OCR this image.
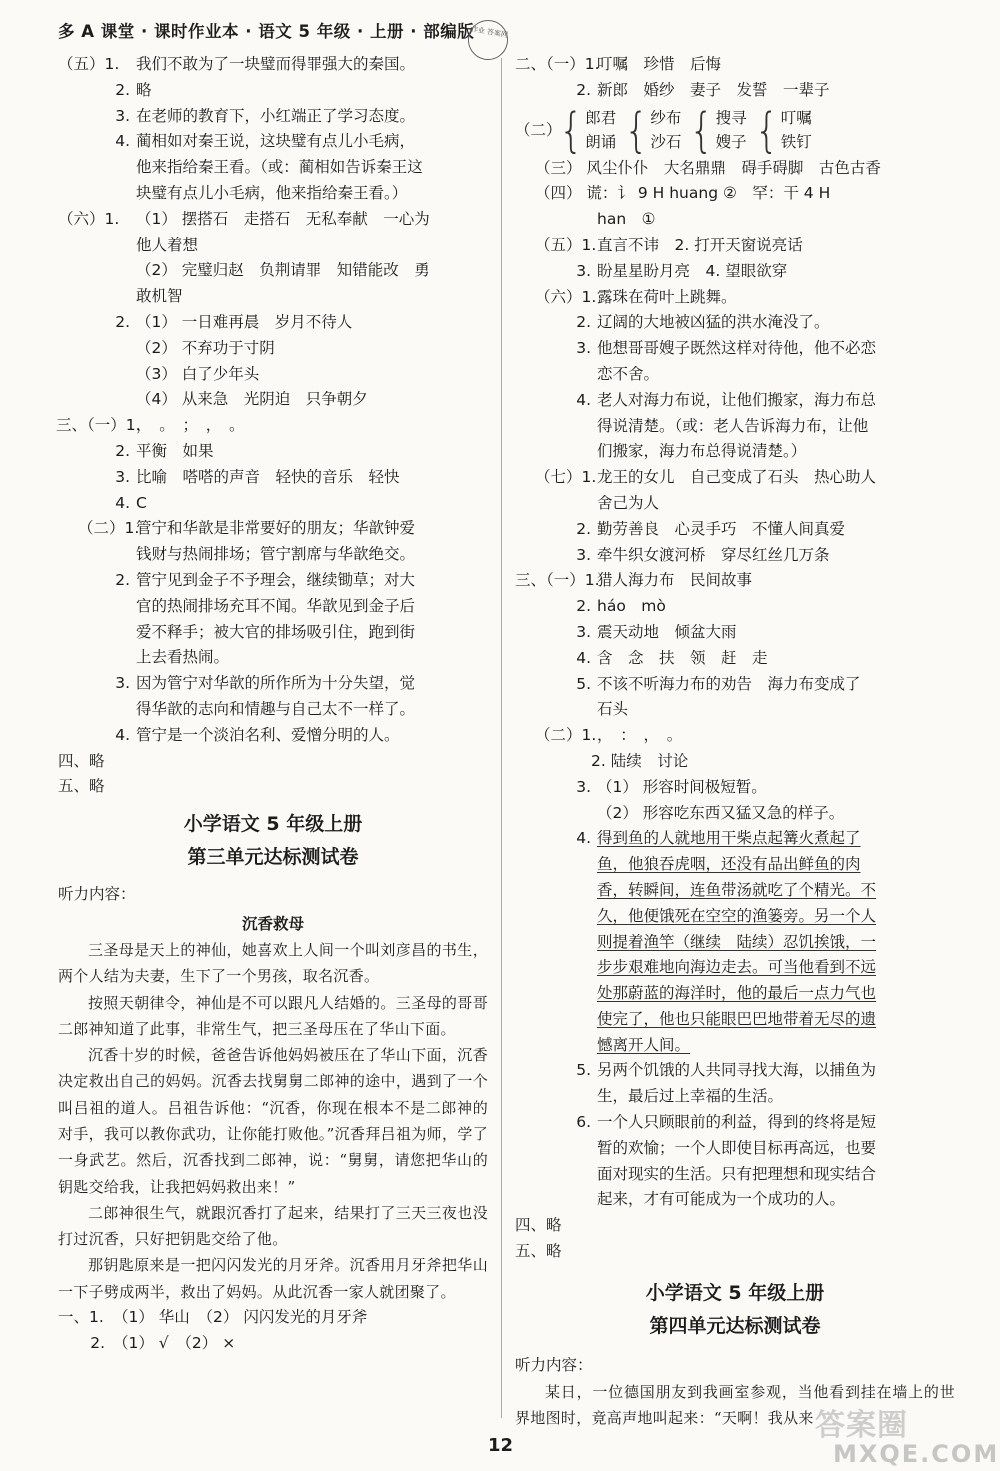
多 A 课堂 · 课时作业本 · 语文 5 年级 · 上册 · 部编版
作业 答案网
（五）1.	我们不敢为了一块璧而得罪强大的秦国。
2. 略
3. 在老师的教育下，小红端正了学习态度。
4. 蔺相如对秦王说，这块璧有点儿小毛病，
他来指给秦王看。（或：蔺相如告诉秦王这
块璧有点儿小毛病，他来指给秦王看。）
（六）1.	（1） 摆搭石　走搭石　无私奉献　一心为
他人着想
（2） 完璧归赵　负荆请罪　知错能改　勇
敢机智
2. （1） 一日难再晨　岁月不待人
（2） 不弃功于寸阴
（3） 白了少年头
（4） 从来急　光阴迫　只争朝夕
三、（一）1.
，　。　；　，　。
2. 平衡　如果
3. 比喻　嗒嗒的声音　轻快的音乐　轻快
4. C
（二）1.
管宁和华歆是非常要好的朋友；华歆钟爱
钱财与热闹排场；管宁割席与华歆绝交。
2. 管宁见到金子不予理会，继续锄草；对大
官的热闹排场充耳不闻。华歆见到金子后
爱不释手；被大官的排场吸引住，跑到街
上去看热闹。
3. 因为管宁对华歆的所作所为十分失望，觉
得华歆的志向和情趣与自己太不一样了。
4. 管宁是一个淡泊名利、爱憎分明的人。
四、略
五、略
小学语文 5 年级上册
第三单元达标测试卷
听力内容：
沉香救母
三圣母是天上的神仙，她喜欢上人间一个叫刘彦昌的书生，两个人结为夫妻，生下了一个男孩，取名沉香。
按照天朝律令，神仙是不可以跟凡人结婚的。三圣母的哥哥二郎神知道了此事，非常生气，把三圣母压在了华山下面。
沉香十岁的时候，爸爸告诉他妈妈被压在了华山下面，沉香决定救出自己的妈妈。沉香去找舅舅二郎神的途中，遇到了一个叫吕祖的道人。吕祖告诉他：“沉香，你现在根本不是二郎神的对手，我可以教你武功，让你能打败他。”沉香拜吕祖为师，学了一身武艺。然后，沉香找到二郎神，说：“舅舅，请您把华山的钥匙交给我，让我把妈妈救出来！”
二郎神很生气，就跟沉香打了起来，结果打了三天三夜也没打过沉香，只好把钥匙交给了他。
那钥匙原来是一把闪闪发光的月牙斧。沉香用月牙斧把华山一下子劈成两半，救出了妈妈。从此沉香一家人就团聚了。
一、1. （1） 华山　（2） 闪闪发光的月牙斧
2. （1） √　（2） ×
二、（一）1.
叮嘱　珍惜　后悔
2. 新郎　婚纱　妻子　发誓　一辈子
（二）
{ 郎君
朗诵 { 纱布
沙石 { 搜寻
嫂子 { 叮嘱
铁钉
（三） 风尘仆仆　大名鼎鼎　碍手碍脚　古色古香
（四） 谎：讠 9 H huang ②　罕：干 4 H
han　①
（五）1. 直言不讳　2. 打开天窗说亮话
3. 盼星星盼月亮　4. 望眼欲穿
（六）1. 露珠在荷叶上跳舞。
2. 辽阔的大地被凶猛的洪水淹没了。
3. 他想哥哥嫂子既然这样对待他，他不必恋
恋不舍。
4. 老人对海力布说，让他们搬家，海力布总
得说清楚。（或：老人告诉海力布，让他
们搬家，海力布总得说清楚。）
（七）1. 龙王的女儿　自己变成了石头　热心助人
舍己为人
2. 勤劳善良　心灵手巧　不懂人间真爱
3. 牵牛织女渡河桥　穿尽红丝几万条
三、（一）1.
猎人海力布　民间故事
2. háo　mò
3. 震天动地　倾盆大雨
4. 含　念　扶　领　赶　走
5. 不该不听海力布的劝告　海力布变成了
石头
（二）1. ，　：　，　。
2. 陆续　讨论
3. （1） 形容时间极短暂。
（2） 形容吃东西又猛又急的样子。
4. 得到鱼的人就地用干柴点起篝火煮起了
鱼，他狼吞虎咽，还没有品出鲜鱼的肉
香，转瞬间，连鱼带汤就吃了个精光。不
久，他便饿死在空空的渔篓旁。另一个人
则提着渔竿（继续　陆续）忍饥挨饿，一
步步艰难地向海边走去。可当他看到不远
处那蔚蓝的海洋时，他的最后一点力气也
使完了，他也只能眼巴巴地带着无尽的遗
憾离开人间。
5. 另两个饥饿的人共同寻找大海，以捕鱼为
生，最后过上幸福的生活。
6. 一个人只顾眼前的利益，得到的终将是短
暂的欢愉；一个人即使目标再高远，也要
面对现实的生活。只有把理想和现实结合
起来，才有可能成为一个成功的人。
四、略
五、略
小学语文 5 年级上册
第四单元达标测试卷
听力内容：
某日，一位德国朋友到我画室参观，当他看到挂在墙上的世界地图时，竟高声地叫起来：“天啊！我从来
12
答案圈
MXQE.COM
